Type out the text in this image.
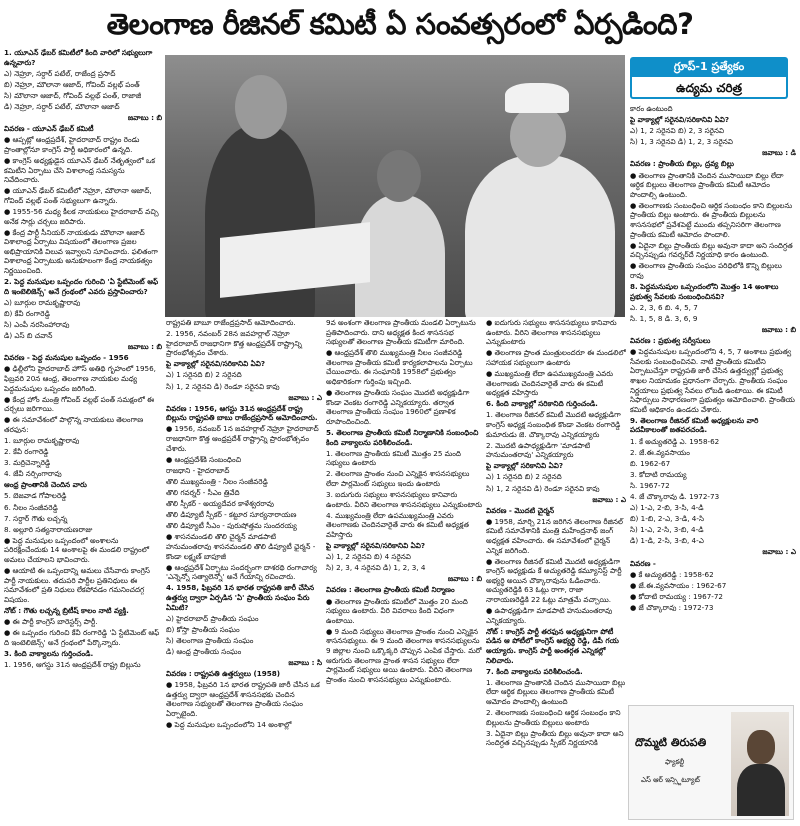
తెలంగాణ రీజినల్ కమిటీ ఏ సంవత్సరంలో ఏర్పడింది?

1. యూఎన్ ఢేబర్ కమిటీలో కింది వారిలో సభ్యులుగా ఉన్నవారు?

ఎ) నెహ్రూ, సర్దార్ పటేల్, రాజేంద్ర ప్రసాద్

బి) నెహ్రూ, మౌలానా ఆజాద్, గోవింద్ వల్లభ్ పంత్

సి) మౌలానా ఆజాద్, గోవింద్ వల్లభ్ పంత్, రాజాజీ

డి) నెహ్రూ, సర్దార్ పటేల్, మౌలానా ఆజాద్

జవాబు : బి

వివరణ - యూఎన్ ఢేబర్ కమిటీ

● ఆప్పట్లో ఆంధ్రప్రదేశ్, హైదరాబాద్ రాష్ట్రం రెండు ప్రాంతాల్లోనూ కాంగ్రెస్ పార్టీ అధికారంలో ఉన్నది.

● కాంగ్రెస్ అధ్యక్షుడైన యూఎన్ ఢేబర్ నేతృత్వంలో ఒక కమిటీని ఏర్పాటు చేసి విశాలాంధ్ర సమస్యను నివేదించారు.

● యూఎన్ ఢేబర్ కమిటీలో నెహ్రూ, మౌలానా ఆజాద్, గోవింద్ వల్లభ్ పంత్ సభ్యులుగా ఉన్నారు.

● 1955-56 మధ్య కీలక నాయకులు హైదరాబాద్ వచ్చి అనేక సార్లు చర్చలు జరిపారు.

● కేంద్ర పార్టీ సీనియర్ నాయకుడు మౌలానా ఆజాద్ విశాలాంధ్ర ఏర్పాటు విషయంలో తెలంగాణ ప్రజల అభిప్రాయానికి విలువ ఇవ్వాలని సూచించారు. ఫలితంగా విశాలాంధ్ర ఏర్పాటుకు అనుకూలంగా కేంద్ర నాయకత్వం నిర్ణయించింది.

2. పెద్ద మనుషుల ఒప్పందం గురించి 'ఏ స్టేటిమెంట్ ఆఫ్ ది ఇంటెలిజెన్స్' అనే గ్రంథంలో ఎవరు ప్రస్తావించారు?

ఎ) బూర్గుల రామకృష్ణారావు

బి) కేవీ రంగారెడ్డి

సి) ఎంపీ నరసింహారావు

డి) ఎస్ బి చవాన్

జవాబు : బి

వివరణ - పెద్ద మనుషుల ఒప్పందం - 1956

● ఢిల్లీలోని హైదరాబాద్ హౌస్ అతిథి గృహంలో 1956, ఫిబ్రవరి 20న ఆంధ్ర, తెలంగాణ నాయకుల మధ్య పెద్దమనుషుల ఒప్పందం జరిగింది.

● కేంద్ర హోం మంత్రి గోవింద్ వల్లభ్ పంత్ సమక్షంలో ఈ చర్చలు జరిగాయి.

● ఈ సమావేశంలో పాల్గొన్న నాయకులు తెలంగాణ తరఫున:

1. బూర్గుల రామకృష్ణారావు

2. కేవీ రంగారెడ్డి

3. మర్రిచెన్నారెడ్డి

4. జేవీ నర్సింగారావు

ఆంధ్ర ప్రాంతానికి చెందిన వారు

5. బెజవాడ గోపాలరెడ్డి

6. నీలం సంజీవరెడ్డి

7. సర్దార్ గౌతు లచ్చన్న

8. అల్లూరి సత్యనారాయణరాజు

● పెద్ద మనుషుల ఒప్పందంలో అంశాలను పరిరక్షించేందుకు 14 అంశాలపై ఈ మండలి రాష్ట్రంలో అమలు చేయాలని భావించారు.

● ఆయాటి ఈ ఒప్పందాన్ని అమలు చేసేవారు కాంగ్రెస్ పార్టీ నాయకులు. తదుపరి పార్టీల ప్రతినిధులు ఈ సమావేశంలో ప్రతి నిధులు లేకపోవడం గమనించదగ్గ విషయం.

నోట్ : గౌతు లచ్చన్న బ్రిటీష్ కాలం నాటి వ్యక్తి.

● ఈ పార్టీ కాంగ్రెస్ బారెస్టర్స్ పార్టీ.

● ఈ ఒప్పందం గురించి కేవీ రంగారెడ్డి 'ఏ స్టేటిమెంట్ ఆఫ్ ది ఇంటెలిజెన్స్' అనే గ్రంథంలో పేర్కొన్నారు.

3. కింది వాక్యాలను గుర్తించండి.

1. 1956, ఆగస్టు 31న ఆంధ్రప్రదేశ్ రాష్ట్ర బిల్లును

రాష్ట్రపతి బాబూ రాజేంద్రప్రసాద్ ఆమోదించారు.

2. 1956, నవంబర్ 28న జవహర్లాల్ నెహ్రూ హైదరాబాద్ రాజధానిగా కొత్త ఆంధ్రప్రదేశ్ రాష్ట్రాన్ని ప్రారంభోత్సవం చేశారు.

పై వాక్యాల్లో సరైనవి/సరికానివి ఏవి?

ఎ) 1 సరైనది బి) 2 సరైనది

సి) 1, 2 సరైనవి డి) రెండూ సరైనవి కావు

జవాబు : ఎ

వివరణ : 1956, ఆగస్టు 31న ఆంధ్రప్రదేశ్ రాష్ట్ర బిల్లును రాష్ట్రపతి బాబు రాజేంద్రప్రసాద్ ఆమోదించారు.

● 1956, నవంబర్ 1న జవహర్లాల్ నెహ్రూ హైదరాబాద్ రాజధానిగా కొత్త ఆంధ్రప్రదేశ్ రాష్ట్రాన్ని ప్రారంభోత్సవం చేశారు.

● ఆంధ్రప్రదేశ్‌కి సంబంధించి

రాజధాని - హైదరాబాద్

తొలి ముఖ్యమంత్రి - నీలం సంజీవరెడ్డి

తొలి గవర్నర్ - సీఎం త్రివేది

తొలి స్పీకర్ - అయ్యదేవర కాళేశ్వరరావు

తొలి డిప్యూటీ స్పీకర్ - కట్టూర సూర్యనారాయణ

తొలి డిప్యూటీ సీఎం - పురుషోత్తమ సుందరయ్య

● శాసనమండలి తొలి చైర్మన్ మాడపాటి హనుమంతరావు శాసనమండలి తొలి డిప్యూటీ ఛైర్మన్ - కొండా లక్ష్మణ్ బాపూజీ

● ఆంధ్రప్రదేశ్ ఏర్పాటు సందర్భంగా దాశరథి రంగాచార్య 'ఎన్నెన్నో సత్యాలెన్నో' అనే గేయాన్ని రచించారు.

4. 1958, ఫిబ్రవరి 1న భారత రాష్ట్రపతి జారీ చేసిన ఉత్తర్వు ద్వారా ఏర్పడిన 'ఏ' ప్రాంతీయ సంఘం పేరు ఏమిటి?

ఎ) హైదరాబాద్ ప్రాంతీయ సంఘం

బి) కోస్తా ప్రాంతీయ సంఘం

సి) తెలంగాణ ప్రాంతీయ సంఘం

డి) ఆంధ్ర ప్రాంతీయ సంఘం

జవాబు : సి

వివరణ : రాష్ట్రపతి ఉత్తర్వులు (1958)

● 1958, ఫిబ్రవరి 1న భారత రాష్ట్రపతి జారీ చేసిన ఒక ఉత్తర్వు ద్వారా ఆంధ్రప్రదేశ్ శాసనసభకు చెందిన తెలంగాణ సభ్యులతో తెలంగాణ ప్రాంతీయ సంఘం ఏర్పాటైంది.

● పెద్ద మనుషుల ఒప్పందంలోని 14 అంశాల్లో

9వ అంశంగా తెలంగాణ ప్రాంతీయ మండలి ఏర్పాటును ప్రతిపాదించారు. దాని అధ్యక్షత కింద శాసనసభ సభ్యులతో తెలంగాణ ప్రాంతీయ కమిటీగా మారింది.

● ఆంధ్రప్రదేశ్ తొలి ముఖ్యమంత్రి నీలం సంజీవరెడ్డి తెలంగాణ ప్రాంతీయ కమిటీ కార్యకలాపాలను ఏర్పాటు చేయించారు. ఈ సంఘానికి 1958లో ప్రభుత్వం అధికారికంగా గుర్తింపు ఇచ్చింది.

● తెలంగాణ ప్రాంతీయ సంఘం మొదటి అధ్యక్షుడిగా కొండా వెంకట రంగారెడ్డి ఎన్నికయ్యారు. తర్వాత తెలంగాణ ప్రాంతీయ సంఘం 1960లో ప్రణాళిక రూపొందించింది.

5. తెలంగాణ ప్రాంతీయ కమిటీ నిర్మాణానికి సంబంధించి కింది వాక్యాలను పరిశీలించండి.

1. తెలంగాణ ప్రాంతీయ కమిటీ మొత్తం 25 మంది సభ్యులు ఉంటారు

2. తెలంగాణ ప్రాంతం నుంచి ఎన్నికైన శాసనసభ్యులు లేదా పార్లమెంట్ సభ్యులు ఇందు ఉంటారు

3. ఐదుగురు సభ్యులు శాసనసభ్యులు కానివారు ఉంటారు. వీరిని తెలంగాణ శాసనసభ్యులు ఎన్నుకుంటారు

4. ముఖ్యమంత్రి లేదా ఉపముఖ్యమంత్రి ఎవరు తెలంగాణకు చెందినవారైతే వారు ఈ కమిటీ అధ్యక్షత వహిస్తారు

పై వాక్యాల్లో సరైనవి/సరికానివి ఏవి?

ఎ) 1, 2 సరైనవి బి) 4 సరైనవి

సి) 2, 3, 4 సరైనవి డి) 1, 2, 3, 4

జవాబు : బి

వివరణ : తెలంగాణ ప్రాంతీయ కమిటీ నిర్మాణం

● తెలంగాణ ప్రాంతీయ కమిటీలో మొత్తం 20 మంది సభ్యులు ఉంటారు. వీరి వివరాలు కింది విధంగా ఉంటాయి.

● 9 మంది సభ్యులు తెలంగాణ ప్రాంతం నుంచి ఎన్నికైన శాసనసభ్యులు. ఈ 9 మంది తెలంగాణ శాసనసభ్యులను 9 జిల్లాల నుంచి ఒక్కొక్కరి చొప్పున ఎంపిక చేస్తారు. మరో ఆరుగురు తెలంగాణ ప్రాంత శాసన సభ్యులు లేదా పార్లమెంట్ సభ్యులు అయి ఉంటారు. వీరిని తెలంగాణ ప్రాంతం నుంచి శాసనసభ్యులు ఎన్నుకుంటారు.

● ఐదుగురు సభ్యులు శాసనసభ్యులు కానివారు ఉంటారు. వీరిని తెలంగాణ శాసనసభ్యులు ఎన్నుకుంటారు

● తెలంగాణ ప్రాంత మంత్రులందరూ ఈ మండలిలో సహాయక సభ్యులుగా ఉంటారు

● ముఖ్యమంత్రి లేదా ఉపముఖ్యమంత్రి ఎవరు తెలంగాణకు చెందినవారైతే వారు ఈ కమిటీ అధ్యక్షత వహిస్తారు

6. కింది వాక్యాల్లో సరికానిది గుర్తించండి.

1. తెలంగాణ రీజినల్ కమిటీ మొదటి అధ్యక్షుడిగా కాంగ్రెస్ అధ్యక్ష సంబంధిత కొండా వెంకట రంగారెడ్డి కుమారుడు జె. చొక్కారావు ఎన్నికయ్యారు

2. మొదటి ఉపాధ్యక్షుడిగా 'మాడపాటి హనుమంతరావు' ఎన్నికయ్యారు

పై వాక్యాల్లో సరికానివి ఏవి?

ఎ) 1 సరైనది బి) 2 సరైనది

సి) 1, 2 సరైనవి డి) రెండూ సరైనవి కావు

జవాబు : ఎ

వివరణ - మొదటి చైర్మన్

● 1958, మార్చి 21న జరిగిన తెలంగాణ రీజినల్ కమిటీ సమావేశానికి మంత్రి మహేంద్రనాథ్ జంగ్ అధ్యక్షత వహించారు. ఈ సమావేశంలో చైర్మన్ ఎన్నిక జరిగింది.

● తెలంగాణ రీజినల్ కమిటీ మొదటి అధ్యక్షుడిగా కాంగ్రెస్ అధ్యక్షుడు కే అచ్యుతరెడ్డి కమ్యూనిస్ట్ పార్టీ అభ్యర్థి అయిన చొక్కారావును ఓడించారు. అచ్యుతరెడ్డికి 63 ఓట్లు రాగా, రాజా నారాయణరెడ్డికి 22 ఓట్లు మాత్రమే వచ్చాయి.

● ఉపాధ్యక్షుడిగా మాడపాటి హనుమంతరావు ఎన్నికయ్యారు.

నోట్ : కాంగ్రెస్ పార్టీ తరఫున అధ్యక్షునిగా పోటీ పడిన ఆ పోటీలో కాంగ్రెస్ అభ్యర్థి రెడ్డి, డిపీ గయ అయ్యారు. కాంగ్రెస్ పార్టీ అంతర్గత ఎన్నికల్లో నిలిచారు.

7. కింది వాక్యాలను పరిశీలించండి.

1. తెలంగాణ ప్రాంతానికి చెందిన ముసాయిదా బిల్లు లేదా ఆర్థిక బిల్లులు తెలంగాణ ప్రాంతీయ కమిటీ ఆమోదం పొందాల్సి ఉంటుంది

2. తెలంగాణకు సంబంధించి ఆర్థిక సంబంధం కాని బిల్లులను ప్రాంతీయ బిల్లులు అంటారు

3. ఏదైనా బిల్లు ప్రాంతీయ బిల్లు అవునా కాదా అని సందిగ్ధత వచ్చినప్పుడు స్పీకర్ నిర్ణయానికి

గ్రూప్-1 ప్రత్యేకం
ఉద్యమ చరిత్ర

కారం ఉంటుంది

పై వాక్యాల్లో సరైనవి/సరికానివి ఏవి?

ఎ) 1, 2 సరైనవి బి) 2, 3 సరైనవి

సి) 1, 3 సరైనవి డి) 1, 2, 3 సరైనవి

జవాబు : డి

వివరణ : ప్రాంతీయ బిల్లు, ద్రవ్య బిల్లు

● తెలంగాణ ప్రాంతానికి చెందిన ముసాయిదా బిల్లు లేదా ఆర్థిక బిల్లులు తెలంగాణ ప్రాంతీయ కమిటీ ఆమోదం పొందాల్సి ఉంటుంది.

● తెలంగాణకు సంబంధించి ఆర్థిక సంబంధం కాని బిల్లులను ప్రాంతీయ బిల్లు అంటారు. ఈ ప్రాంతీయ బిల్లులను శాసనసభలో ప్రవేశపెట్టే ముందు తప్పనిసరిగా తెలంగాణ ప్రాంతీయ కమిటీ ఆమోదం పొందాలి.

● ఏదైనా బిల్లు ప్రాంతీయ బిల్లు అవునా కాదా అని సందిగ్ధత వచ్చినప్పుడు గవర్నర్‌దే నిర్ణయాధి కారం ఉంటుంది.

● తెలంగాణ ప్రాంతీయ సంఘం పరిధిలోకి కొన్ని బిల్లులు రావు

8. పెద్దమనుషుల ఒప్పందంలోని మొత్తం 14 అంశాలు ప్రభుత్వ సేవలకు సంబంధించినవి?

ఎ. 2, 3, 6 బి. 4, 5, 7

సి. 1, 5, 8 డి. 3, 6, 9

జవాబు : బి

వివరణ : ప్రభుత్వ సర్వీసులు

● పెద్దమనుషుల ఒప్పందంలోని 4, 5, 7 అంశాలు ప్రభుత్వ సేవలకు సంబంధించినవి. నాటి ప్రాంతీయ కమిటీని ఏర్పాటుచేస్తూ రాష్ట్రపతి జారీ చేసిన ఉత్తర్వుల్లో ప్రభుత్వ శాఖల నియామకం ప్రధానంగా చేర్చారు. ప్రాంతీయ సంఘం నిర్ణయాలు ప్రభుత్వ సేవలు లోబడి ఉంటాయి. ఈ కమిటీ సిఫార్సులు సాధారణంగా ప్రభుత్వం ఆమోదించాలి. ప్రాంతీయ కమిటీ ఆధికారం ఉండదు వేశారు.

9. తెలంగాణ రీజినల్ కమిటీ అధ్యక్షులను వారి పదవీకాలంతో జతపరచండి.

1. కే అచ్యుతరెడ్డి ఎ. 1958-62

2. జే.ఈ.వ్యవసాయం

బి. 1962-67

3. కోదాటి రామయ్య

సి. 1967-72

4. జే చొక్కారావు డి. 1972-73

ఎ) 1-ఎ, 2-బి, 3-సి, 4-డి

బి) 1-బి, 2-ఎ, 3-డి, 4-సి

సి) 1-ఎ, 2-సి, 3-బి, 4-డి

డి) 1-డి, 2-సి, 3-బి, 4-ఎ

జవాబు : ఎ

వివరణ -

● కే అచ్యుతరెడ్డి : 1958-62

● జే.ఈ.వ్యవసాయం : 1962-67

● కోదాటి రామయ్య : 1967-72

● జే చొక్కారావు : 1972-73

దొమ్మటి తిరుపతి
ఫ్యాకల్టీ
ఎస్ ఆర్ ఇన్స్టిట్యూట్
